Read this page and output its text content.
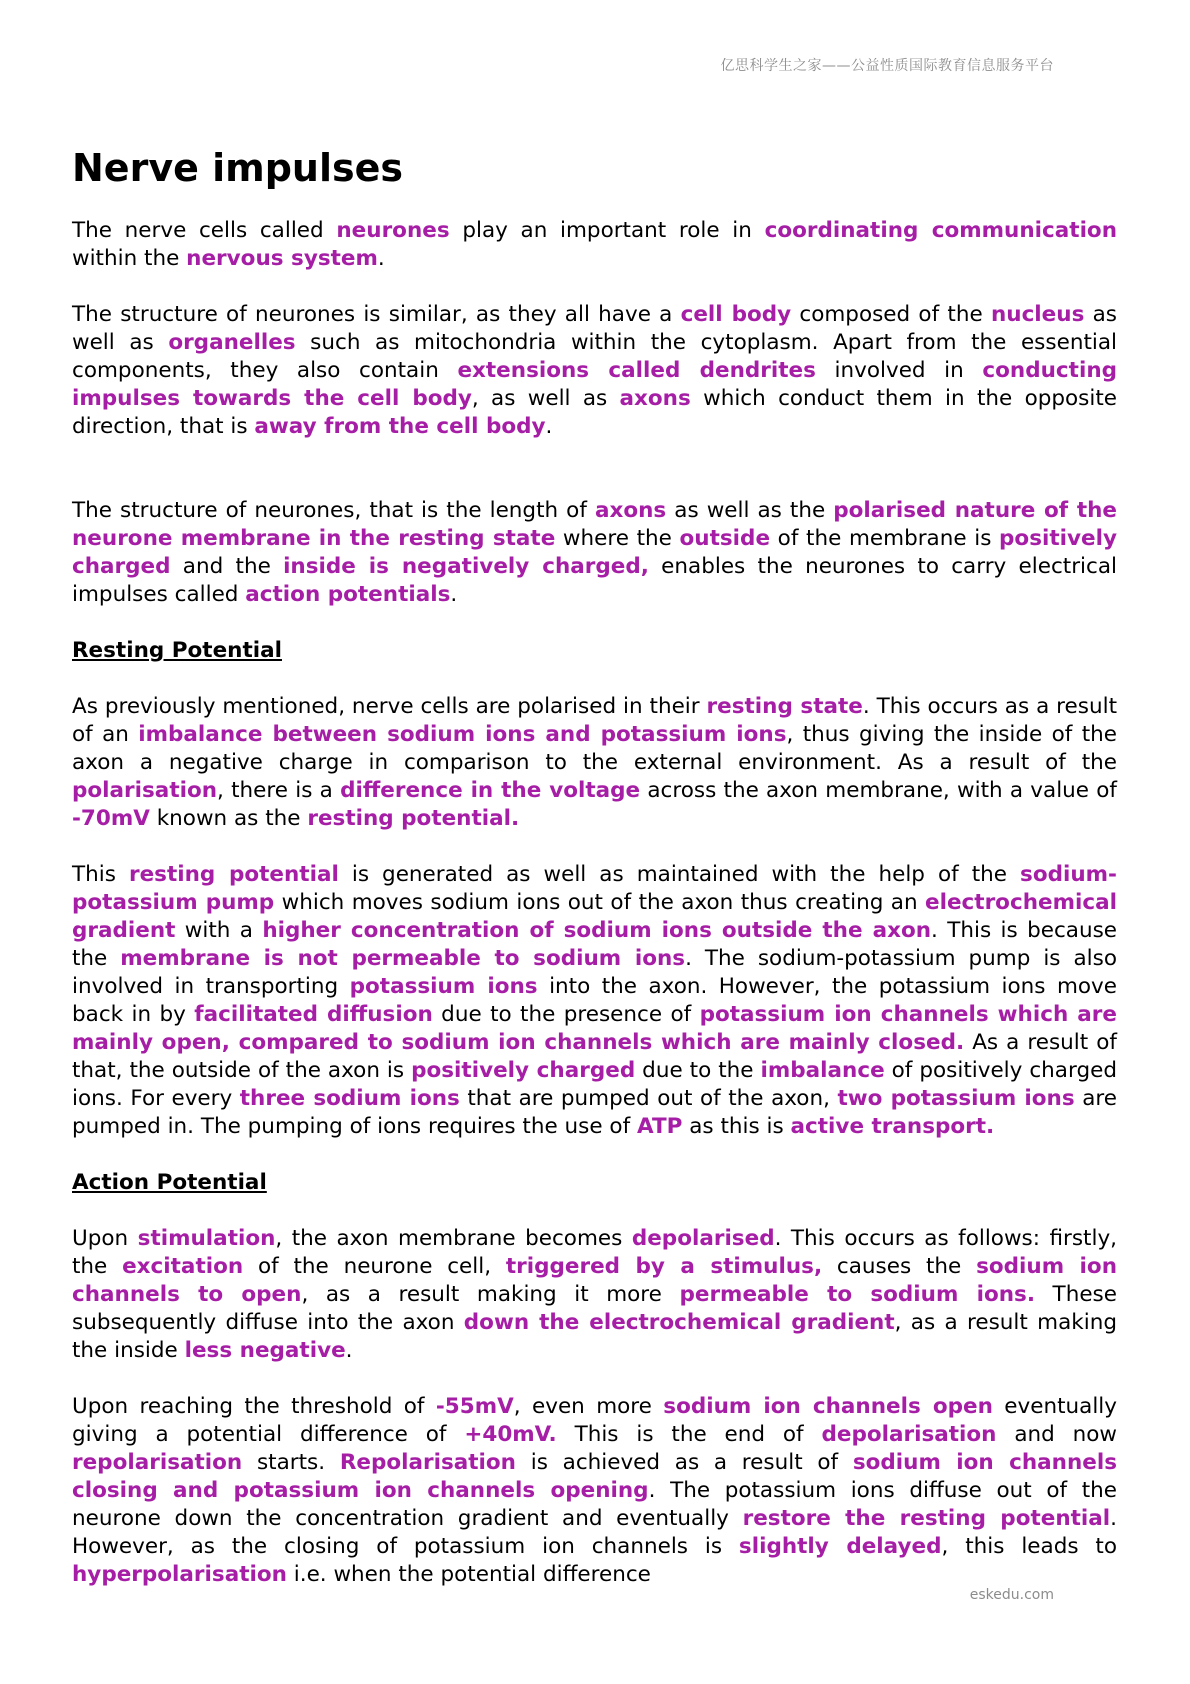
亿思科学生之家——公益性质国际教育信息服务平台
Nerve impulses

The nerve cells called neurones play an important role in coordinating communication within the nervous system.

The structure of neurones is similar, as they all have a cell body composed of the nucleus as well as organelles such as mitochondria within the cytoplasm. Apart from the essential components, they also contain extensions called dendrites involved in conducting impulses towards the cell body, as well as axons which conduct them in the opposite direction, that is away from the cell body.

The structure of neurones, that is the length of axons as well as the polarised nature of the neurone membrane in the resting state where the outside of the membrane is positively charged and the inside is negatively charged, enables the neurones to carry electrical impulses called action potentials.

Resting Potential

As previously mentioned, nerve cells are polarised in their resting state. This occurs as a result of an imbalance between sodium ions and potassium ions, thus giving the inside of the axon a negative charge in comparison to the external environment. As a result of the polarisation, there is a difference in the voltage across the axon membrane, with a value of -70mV known as the resting potential.

This resting potential is generated as well as maintained with the help of the sodium-potassium pump which moves sodium ions out of the axon thus creating an electrochemical gradient with a higher concentration of sodium ions outside the axon. This is because the membrane is not permeable to sodium ions. The sodium-potassium pump is also involved in transporting potassium ions into the axon. However, the potassium ions move back in by facilitated diffusion due to the presence of potassium ion channels which are mainly open, compared to sodium ion channels which are mainly closed. As a result of that, the outside of the axon is positively charged due to the imbalance of positively charged ions. For every three sodium ions that are pumped out of the axon, two potassium ions are pumped in. The pumping of ions requires the use of ATP as this is active transport.

Action Potential

Upon stimulation, the axon membrane becomes depolarised. This occurs as follows: firstly, the excitation of the neurone cell, triggered by a stimulus, causes the sodium ion channels to open, as a result making it more permeable to sodium ions. These subsequently diffuse into the axon down the electrochemical gradient, as a result making the inside less negative.

Upon reaching the threshold of -55mV, even more sodium ion channels open eventually giving a potential difference of +40mV. This is the end of depolarisation and now repolarisation starts. Repolarisation is achieved as a result of sodium ion channels closing and potassium ion channels opening. The potassium ions diffuse out of the neurone down the concentration gradient and eventually restore the resting potential. However, as the closing of potassium ion channels is slightly delayed, this leads to hyperpolarisation i.e. when the potential difference

eskedu.com
